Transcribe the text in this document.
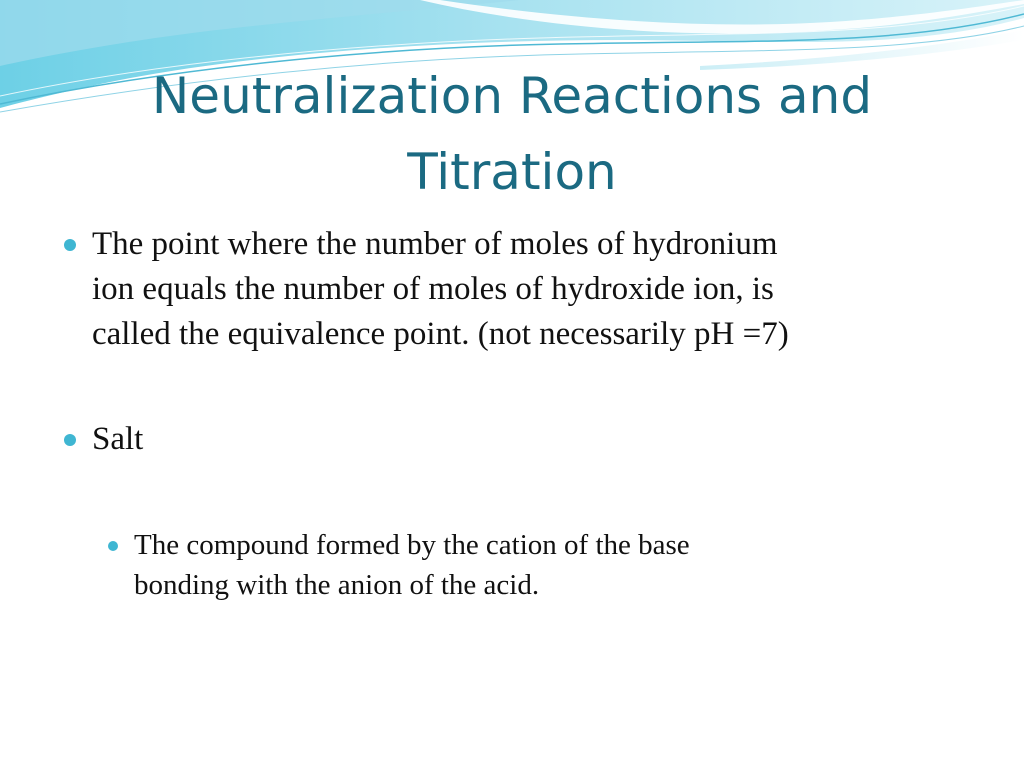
Neutralization Reactions and
Titration
The point where the number of moles of hydronium
ion equals the number of moles of hydroxide ion, is
called the equivalence point. (not necessarily pH =7)
Salt
The compound formed by the cation of the base
bonding with the anion of the acid.
